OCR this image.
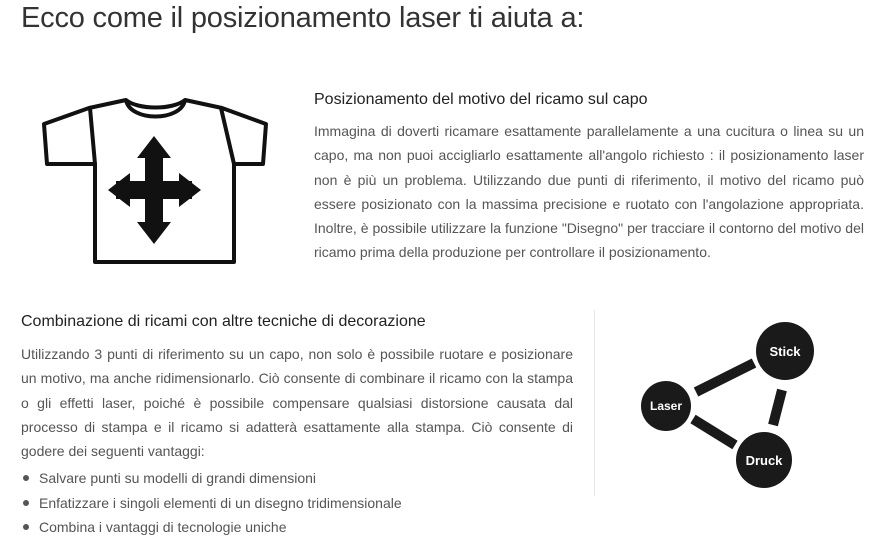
Ecco come il posizionamento laser ti aiuta a:
Posizionamento del motivo del ricamo sul capo

Immagina di doverti ricamare esattamente parallelamente a una cucitura o linea su un capo, ma non puoi accigliarlo esattamente all'angolo richiesto : il posizionamento laser non è più un problema. Utilizzando due punti di riferimento, il motivo del ricamo può essere posizionato con la massima precisione e ruotato con l'angolazione appropriata. Inoltre, è possibile utilizzare la funzione "Disegno" per tracciare il contorno del motivo del ricamo prima della produzione per controllare il posizionamento.

Combinazione di ricami con altre tecniche di decorazione

Utilizzando 3 punti di riferimento su un capo, non solo è possibile ruotare e posizionare un motivo, ma anche ridimensionarlo. Ciò consente di combinare il ricamo con la stampa o gli effetti laser, poiché è possibile compensare qualsiasi distorsione causata dal processo di stampa e il ricamo si adatterà esattamente alla stampa. Ciò consente di godere dei seguenti vantaggi:

Salvare punti su modelli di grandi dimensioni
Enfatizzare i singoli elementi di un disegno tridimensionale
Combina i vantaggi di tecnologie uniche
Stick
Laser
Druck
